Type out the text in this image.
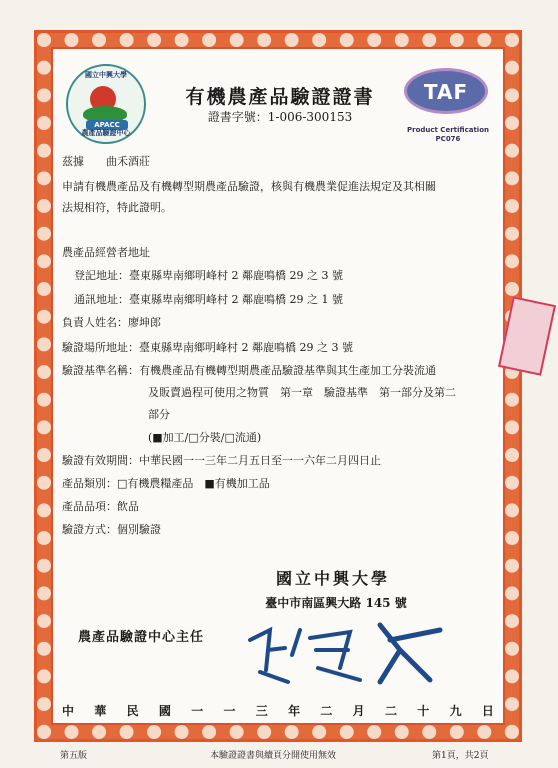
國立中興大學
APACC
農產品驗證中心
有機農產品驗證證書
證書字號：1-006-300153
TAF
Product Certification
PC076
茲據　　 曲禾酒莊
申請有機農產品及有機轉型期農產品驗證，核與有機農業促進法規定及其相關
法規相符，特此證明。
農產品經營者地址
登記地址：臺東縣卑南鄉明峰村 2 鄰鹿鳴橋 29 之 3 號
通訊地址：臺東縣卑南鄉明峰村 2 鄰鹿鳴橋 29 之 1 號
負責人姓名：廖坤郎
驗證場所地址：臺東縣卑南鄉明峰村 2 鄰鹿鳴橋 29 之 3 號
驗證基準名稱：有機農產品有機轉型期農產品驗證基準與其生產加工分裝流通
及販賣過程可使用之物質　第一章　驗證基準　第一部分及第二
部分
(■加工/□分裝/□流通)
驗證有效期間：中華民國一一三年二月五日至一一六年二月四日止
產品類別：□有機農糧產品　■有機加工品
產品品項：飲品
驗證方式：個別驗證
國立中興大學
臺中市南區興大路 145 號
農產品驗證中心主任
中 華 民 國 一 一 三 年 二 月 二 十 九 日
第五版	本驗證證書與續頁分開使用無效	第1頁，共2頁
